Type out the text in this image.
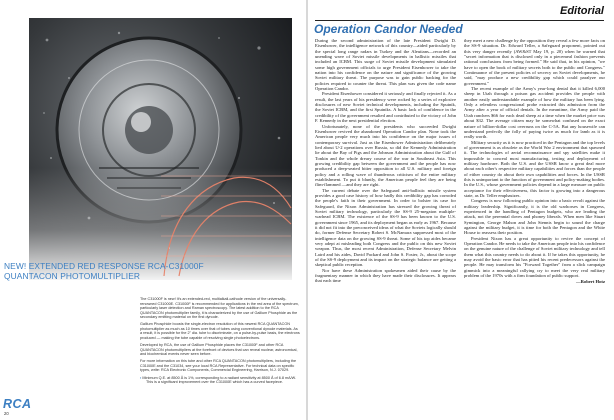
NEW! EXTENDED RED RESPONSE RCA-C31000F
QUANTACON PHOTOMULTIPLIER

The C31000F is new! It's an extended-red, multialkali-cathode version of the universally-renowned C31000E. C31000F is recommended for applications in the red area of the spectrum, particularly laser detection and Raman spectroscopy. The latest addition to the RCA QUANTACON photomultiplier family, it is characterized by the use of Gallium Phosphide as the secondary emitting material on the first dynode.

Gallium Phosphide boosts the single-electron resolution of this newest RCA QUANTACON photomultiplier as much as 10 times over that of tubes using conventional dynode materials. As a result, it is possible for the 2" dia. tube to discriminate, on a pulse-by-pulse basis, the electrons produced — making the tube capable of resolving single photoelectrons.

Developed by RCA, the use of Gallium Phosphide places the C31000F and other RCA QUANTACON photomultipliers at the forefront of devices that can reveal nuclear, astronomical, and biochemical events never seen before.

For more information on this tube and other RCA QUANTACON photomultipliers, including the C31000E and the C31034, see your local RCA Representative. For technical data on specific types, write: RCA Electronic Components, Commercial Engineering, Harrison, N.J. 07029.

▪ Minimum Q.E. at 8500 Å is 1%, corresponding to a radiant sensitivity at 8500 Å of 6.8 mA/W. This is a significant improvement over the C31000E which has a curved facepiece.

RCA
20
Editorial
Operation Candor Needed

During the second administration of the late President Dwight D. Eisenhower, the intelligence network of this country—aided particularly by the special long range radars in Turkey and the Aleutians—recorded an unending wave of Soviet missile developments in ballistic missiles that included an ICBM. This surge of Soviet missile development stimulated some high government officials to urge President Eisenhower to take the nation into his confidence on the nature and significance of the growing Soviet military threat. The purpose was to gain public backing for the policies required to counter the threat. This plan was given the code name Operation Candor.

President Eisenhower considered it seriously and finally rejected it. As a result, the last years of his presidency were rocked by a series of explosive disclosures of new Soviet technical developments, including the Sputnik, the Soviet ICBM, and the first Sputniks. A basic lack of confidence in the credibility of the government resulted and contributed to the victory of John F. Kennedy in the next presidential election.

Unfortunately, none of the presidents who succeeded Dwight Eisenhower revived the abandoned Operation Candor plan. None took the American people very much into his confidence on the major issues of contemporary survival. Just as the Eisenhower Administration deliberately lied about U-2 operations over Russia, so did the Kennedy Administration lie about the Bay of Pigs and the Johnson Administration about the Gulf of Tonkin and the whole dreary course of the war in Southeast Asia. This growing credibility gap between the government and the people has now produced a deep-seated bitter opposition to all U.S. military and foreign policy and a rolling wave of thunderous criticism of the entire military establishment. To put it bluntly, the American people feel they are being flim-flammed —and they are right.

The current debate over the Safeguard anti-ballistic missile system provides a good case history of how badly this credibility gap has corroded the people's faith in their government. In order to bolster its case for Safeguard, the Nixon Administration has stressed the growing threat of Soviet military technology, particularly the SS-9 25-megaton multiple-warhead ICBM. The existence of the SS-9 has been known to the U.S. government since 1965, and its deployment began as early as 1967. Because it did not fit into the preconceived ideas of what the Soviets logically should do, former Defense Secretary Robert S. McNamara suppressed most of the intelligence data on the growing SS-9 threat. Some of his top aides became very adept at misleading both Congress and the public on this new Soviet weapon. Thus, the most recent Administration, Defense Secretary Melvin Laird and his aides, David Packard and John S. Foster, Jr., about the scope of the SS-9 deployment and its impact on the strategic balance are getting a skeptical public reception.

Nor have these Administration spokesmen aided their cause by the fragmentary manner in which they have made their disclosures. It appears that each time

they meet a new challenge by the opposition they reveal a few more facts on the SS-9 situation. Dr. Edward Teller, a Safeguard proponent, pointed out this very danger recently (AW&ST May 19, p. 20) when he warned that "secret information that is disclosed only in a piecemeal fashion prevents rational conclusions from being formed." He said that, in his opinion, "we have to open the book of military secrets both to the public and Congress." Continuance of the present policies of secrecy on Soviet developments, he said, "may produce a new credibility gap which could paralyze our government."

The recent example of the Army's year-long denial that it killed 6,000 sheep in Utah through a poison gas accident provides the people with another easily understandable example of how the military has been lying. Only a relentless congressional probe extracted this admission from the Army after a year of official denials. In the meantime, the Army paid the Utah ranchers $66 for each dead sheep at a time when the market price was about $32. The average citizen may be somewhat confused on the exact nature of billion-dollar cost overruns on the C-5A. But any housewife can understand perfectly the folly of paying twice as much for lamb as it is really worth.

Military security as it is now practiced in the Pentagon and the top levels of government is as obsolete as the World War 2 environment that spawned it. The technologies of aerial reconnaissance and spy satellites make it impossible to conceal most manufacturing, testing and deployment of military hardware. Both the U.S. and the USSR know a great deal more about each other's respective military capabilities and forces than the people of either country do about their own capabilities and forces. In the USSR this is unimportant to the function of government and policy-making bodies. In the U.S., whose government policies depend in a large measure on public acceptance for their effectiveness, this factor is growing into a dangerous state, as Dr. Teller emphasizes.

Congress is now following public opinion into a basic revolt against the military leadership. Significantly, it is the old warhorses in Congress, experienced in the handling of Pentagon budgets, who are leading the attack, not the perennial doves and phoney liberals. When men like Stuart Symington, George Mahon and John Stennis begin to sound the charge against the military budget, it is time for both the Pentagon and the White House to reassess their position.

President Nixon has a great opportunity to revive the concept of Operation Candor. He needs to take the American people into his confidence on the genuine nature of the challenge of Soviet military technology and tell them what this country needs to do about it. If he takes this opportunity, he may avoid the basic error that has pitted his recent predecessors against the people. He may transform his "Forward Together" from a slick campaign gimmick into a meaningful rallying cry to meet the very real military problem of the 1970s with a firm foundation of public support.

—Robert Hotz
